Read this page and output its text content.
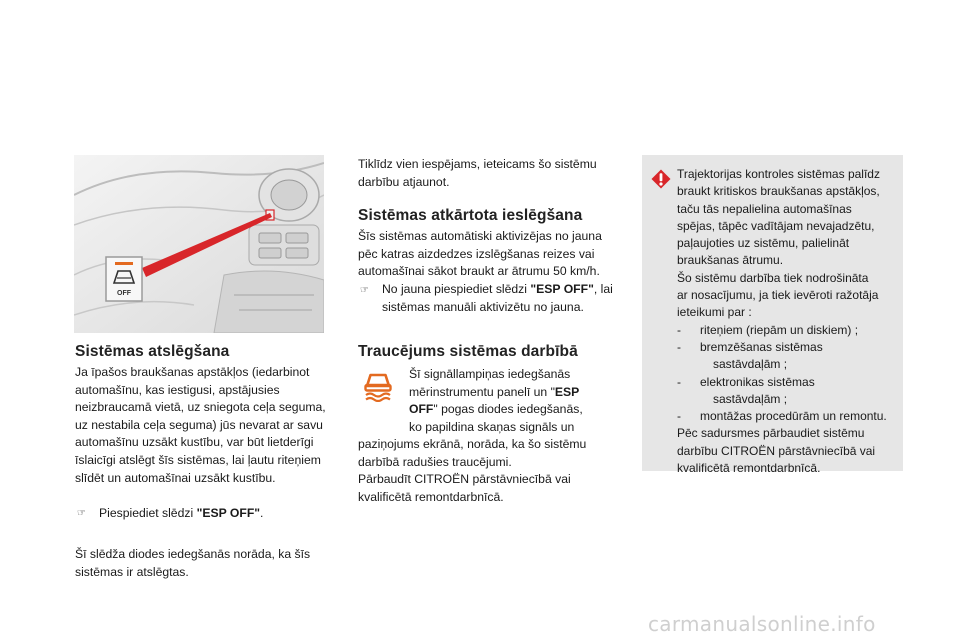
OFF
Sistēmas atslēgšana
Ja īpašos braukšanas apstākļos (iedarbinot
automašīnu, kas iestigusi, apstājusies
neizbraucamā vietā, uz sniegota ceļa seguma,
uz nestabila ceļa seguma) jūs nevarat ar savu
automašīnu uzsākt kustību, var būt lietderīgi
īslaicīgi atslēgt šīs sistēmas, lai ļautu riteņiem
slīdēt un automašīnai uzsākt kustību.
☞ Piespiediet slēdzi "ESP OFF".
Šī slēdža diodes iedegšanās norāda, ka šīs
sistēmas ir atslēgtas.
Tiklīdz vien iespējams, ieteicams šo sistēmu
darbību atjaunot.
Sistēmas atkārtota ieslēgšana
Šīs sistēmas automātiski aktivizējas no jauna
pēc katras aizdedzes izslēgšanas reizes vai
automašīnai sākot braukt ar ātrumu 50 km/h.
☞ No jauna piespiediet slēdzi "ESP OFF", lai
sistēmas manuāli aktivizētu no jauna.
Traucējums sistēmas darbībā
Šī signāllampiņas iedegšanās
mērinstrumentu panelī un "ESP
OFF" pogas diodes iedegšanās,
ko papildina skaņas signāls un
paziņojums ekrānā, norāda, ka šo sistēmu
darbībā radušies traucējumi.
Pārbaudīt CITROËN pārstāvniecībā vai
kvalificētā remontdarbnīcā.
Trajektorijas kontroles sistēmas palīdz
braukt kritiskos braukšanas apstākļos,
taču tās nepalielina automašīnas
spējas, tāpēc vadītājam nevajadzētu,
paļaujoties uz sistēmu, palielināt
braukšanas ātrumu.
Šo sistēmu darbība tiek nodrošināta
ar nosacījumu, ja tiek ievēroti ražotāja
ieteikumi par :
- riteņiem (riepām un diskiem) ;
- bremzēšanas sistēmas
sastāvdaļām ;
- elektronikas sistēmas
sastāvdaļām ;
- montāžas procedūrām un remontu.
Pēc sadursmes pārbaudiet sistēmu
darbību CITROËN pārstāvniecībā vai
kvalificētā remontdarbnīcā.
carmanualsonline.info
